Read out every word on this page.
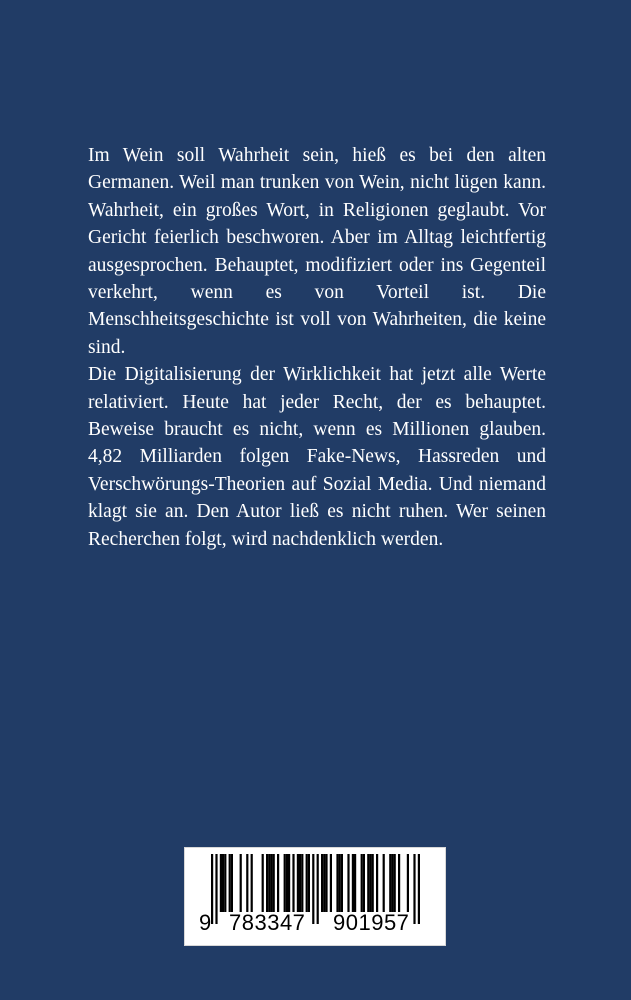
Im Wein soll Wahrheit sein, hieß es bei den alten Germanen. Weil man trunken von Wein, nicht lügen kann. Wahrheit, ein großes Wort, in Religionen geglaubt. Vor Gericht feierlich beschworen. Aber im Alltag leichtfertig ausgesprochen. Behauptet, modifiziert oder ins Gegenteil verkehrt, wenn es von Vorteil ist. Die Menschheitsgeschichte ist voll von Wahrheiten, die keine sind.

Die Digitalisierung der Wirklichkeit hat jetzt alle Werte relativiert. Heute hat jeder Recht, der es behauptet. Beweise braucht es nicht, wenn es Millionen glauben. 4,82 Milliarden folgen Fake-News, Hassreden und Verschwörungs-Theorien auf Sozial Media. Und niemand klagt sie an. Den Autor ließ es nicht ruhen. Wer seinen Recherchen folgt, wird nachdenklich werden.

9 783347 901957
